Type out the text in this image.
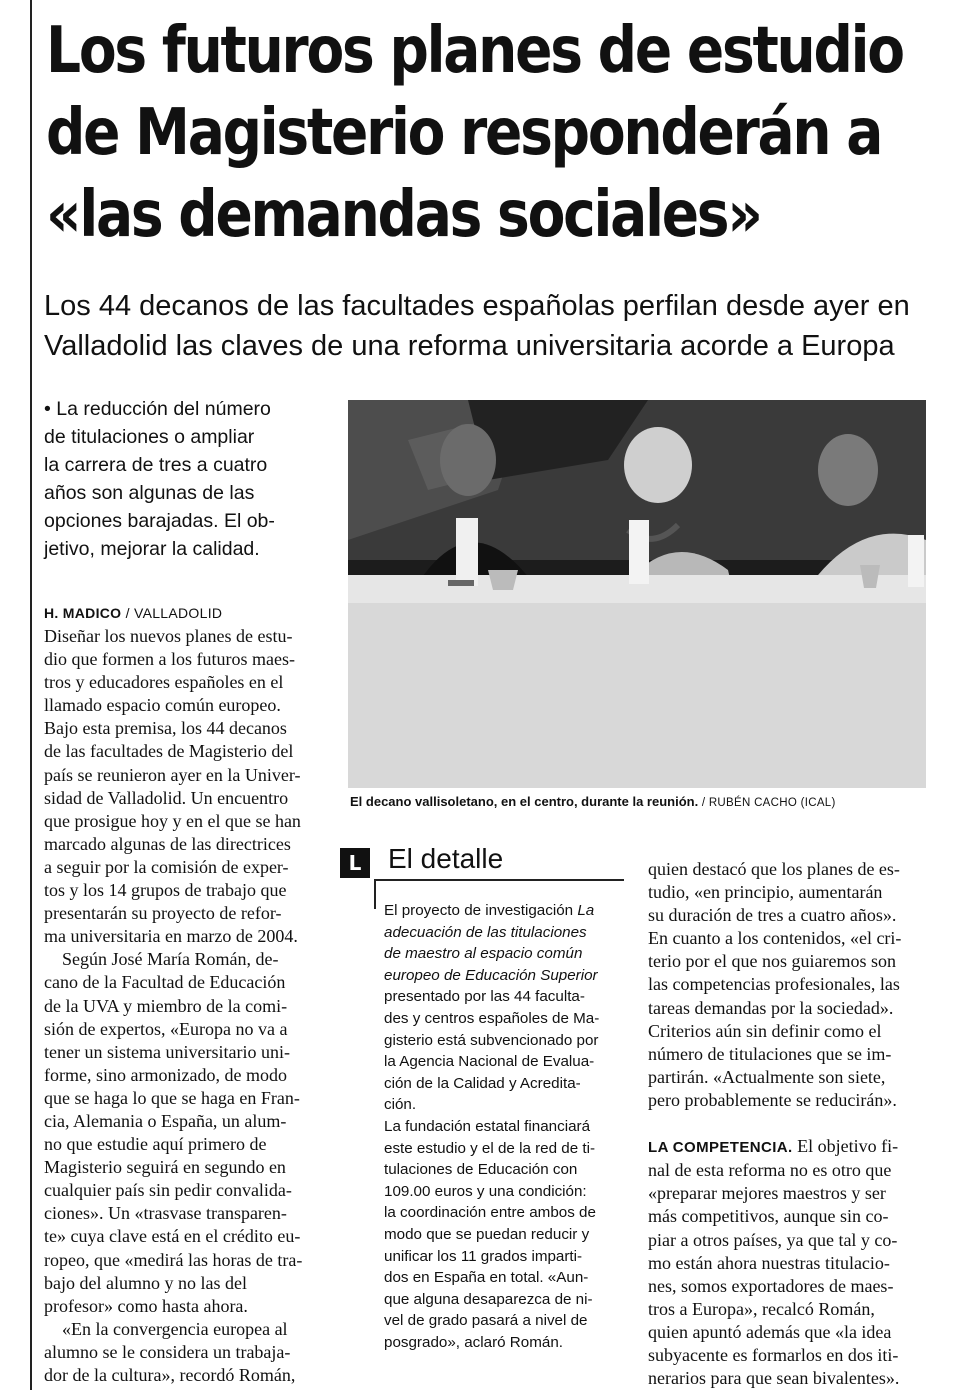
Los futuros planes de estudio
de Magisterio responderán a
«las demandas sociales»

Los 44 decanos de las facultades españolas perfilan desde ayer en
Valladolid las claves de una reforma universitaria acorde a Europa

• La reducción del número
de titulaciones o ampliar
la carrera de tres a cuatro
años son algunas de las
opciones barajadas. El ob-
jetivo, mejorar la calidad.

H. MADICO / VALLADOLID

Diseñar los nuevos planes de estu-
dio que formen a los futuros maes-
tros y educadores españoles en el
llamado espacio común europeo.
Bajo esta premisa, los 44 decanos
de las facultades de Magisterio del
país se reunieron ayer en la Univer-
sidad de Valladolid. Un encuentro
que prosigue hoy y en el que se han
marcado algunas de las directrices
a seguir por la comisión de exper-
tos y los 14 grupos de trabajo que
presentarán su proyecto de refor-
ma universitaria en marzo de 2004.
Según José María Román, de-
cano de la Facultad de Educación
de la UVA y miembro de la comi-
sión de expertos, «Europa no va a
tener un sistema universitario uni-
forme, sino armonizado, de modo
que se haga lo que se haga en Fran-
cia, Alemania o España, un alum-
no que estudie aquí primero de
Magisterio seguirá en segundo en
cualquier país sin pedir convalida-
ciones». Un «trasvase transparen-
te» cuya clave está en el crédito eu-
ropeo, que «medirá las horas de tra-
bajo del alumno y no las del
profesor» como hasta ahora.
«En la convergencia europea al
alumno se le considera un trabaja-
dor de la cultura», recordó Román,

El decano vallisoletano, en el centro, durante la reunión. / RUBÉN CACHO (ICAL)
L El detalle

El proyecto de investigación La
adecuación de las titulaciones
de maestro al espacio común
europeo de Educación Superior
presentado por las 44 faculta-
des y centros españoles de Ma-
gisterio está subvencionado por
la Agencia Nacional de Evalua-
ción de la Calidad y Acredita-
ción.
La fundación estatal financiará
este estudio y el de la red de ti-
tulaciones de Educación con
109.00 euros y una condición:
la coordinación entre ambos de
modo que se puedan reducir y
unificar los 11 grados imparti-
dos en España en total. «Aun-
que alguna desaparezca de ni-
vel de grado pasará a nivel de
posgrado», aclaró Román.

quien destacó que los planes de es-
tudio, «en principio, aumentarán
su duración de tres a cuatro años».
En cuanto a los contenidos, «el cri-
terio por el que nos guiaremos son
las competencias profesionales, las
tareas demandas por la sociedad».
Criterios aún sin definir como el
número de titulaciones que se im-
partirán. «Actualmente son siete,
pero probablemente se reducirán».

LA COMPETENCIA. El objetivo fi-
nal de esta reforma no es otro que
«preparar mejores maestros y ser
más competitivos, aunque sin co-
piar a otros países, ya que tal y co-
mo están ahora nuestras titulacio-
nes, somos exportadores de maes-
tros a Europa», recalcó Román,
quien apuntó además que «la idea
subyacente es formarlos en dos iti-
nerarios para que sean bivalentes».
